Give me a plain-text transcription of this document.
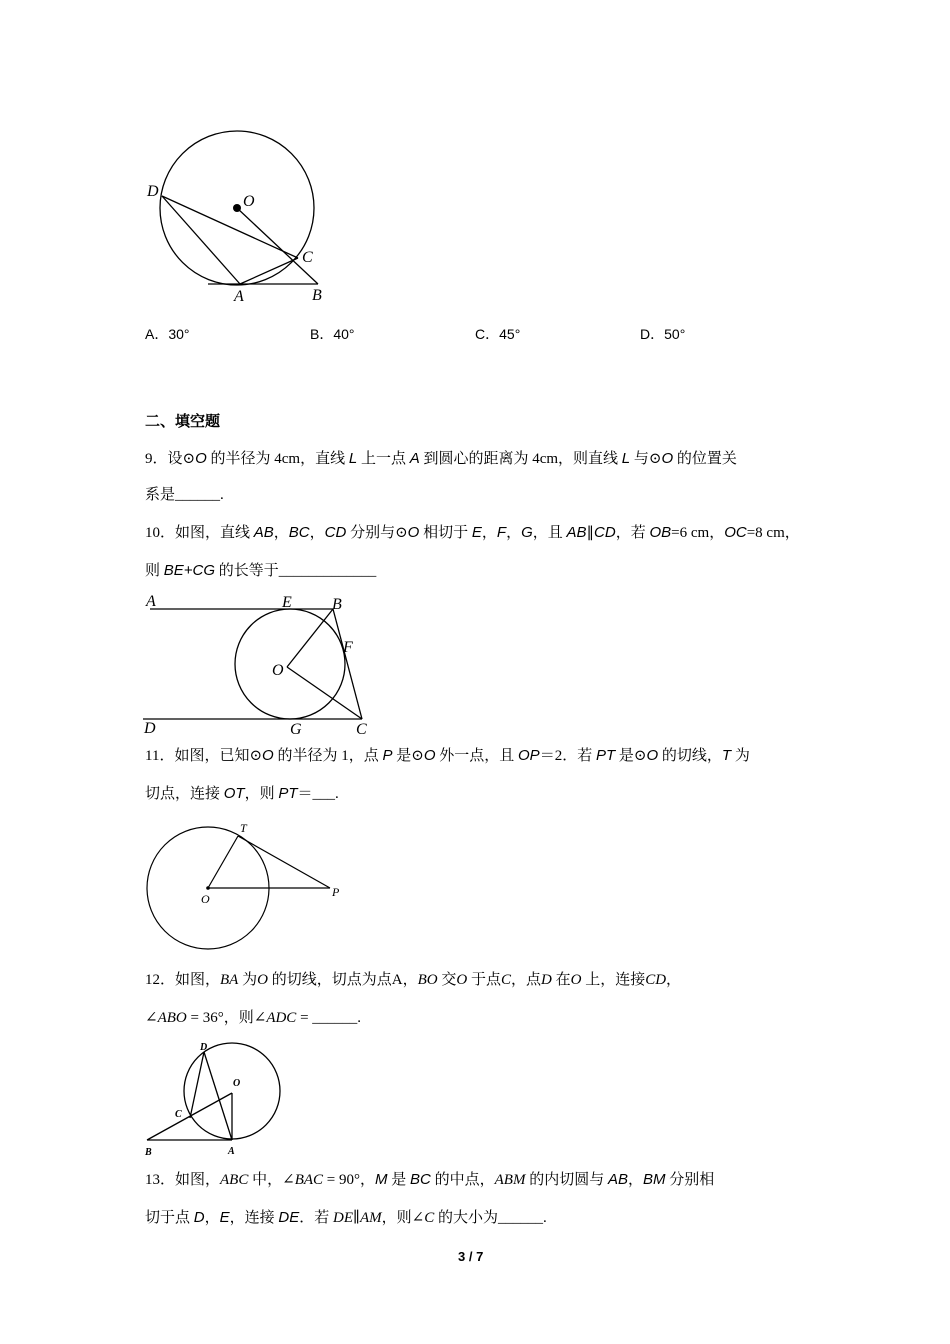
D
O
C
A	B
A．30°	B．40°	C．45°	D．50°
二、填空题
9．设⊙O 的半径为 4cm，直线 L 上一点 A 到圆心的距离为 4cm，则直线 L 与⊙O 的位置关
系是______.
10．如图，直线 AB，BC，CD 分别与⊙O 相切于 E，F，G，且 AB∥CD，若 OB=6 cm，OC=8 cm，
则 BE+CG 的长等于_____________
A	E	B
F
O
D	G	C
11．如图，已知⊙O 的半径为 1，点 P 是⊙O 外一点，且 OP＝2．若 PT 是⊙O 的切线，T 为
切点，连接 OT，则 PT＝___.
T
O	P
12．如图，BA 为O 的切线，切点为点A，BO 交O 于点C，点D 在O 上，连接CD，
∠ABO = 36°，则∠ADC = ______.
D
O
C
B	A
13．如图，ABC 中，∠BAC = 90°，M 是 BC 的中点，ABM 的内切圆与 AB，BM 分别相
切于点 D，E，连接 DE．若 DE∥AM，则∠C 的大小为______.
3 / 7
